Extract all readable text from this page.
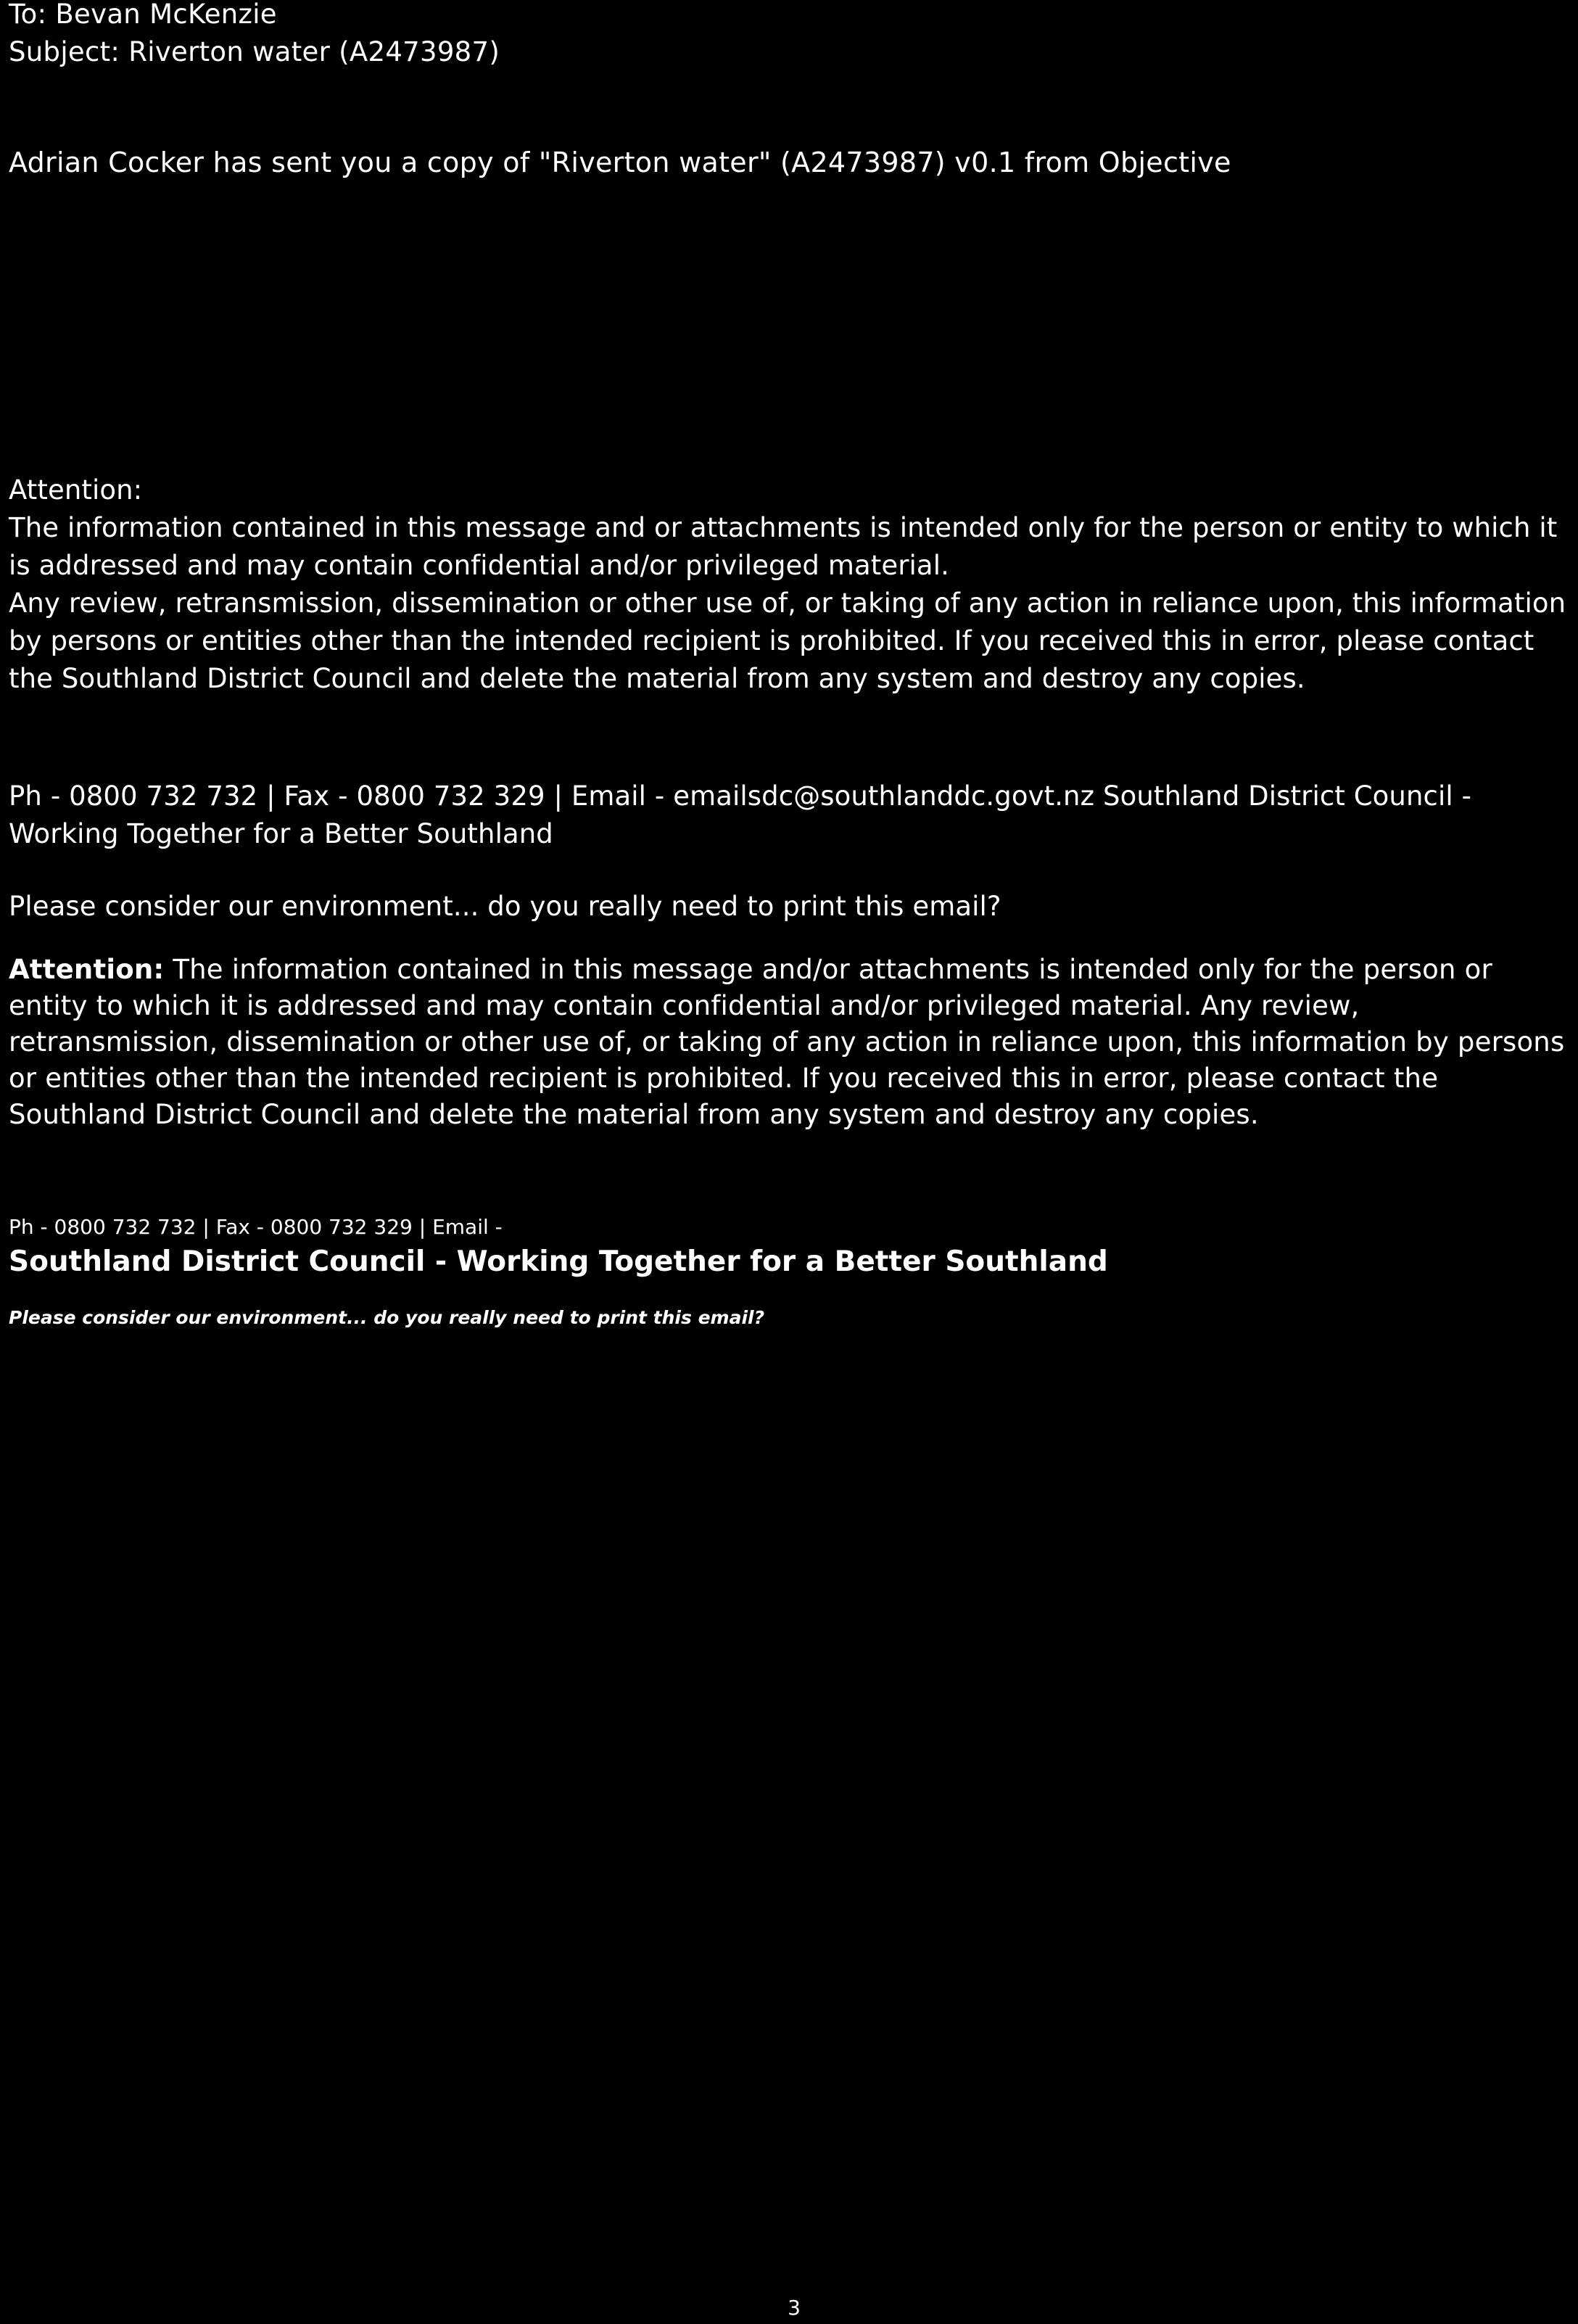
To: Bevan McKenzie
Subject: Riverton water (A2473987)
Adrian Cocker has sent you a copy of "Riverton water" (A2473987) v0.1 from Objective

Attention:

The information contained in this message and or attachments is intended only for the person or entity to which it is addressed and may contain confidential and/or privileged material.

Any review, retransmission, dissemination or other use of, or taking of any action in reliance upon, this information by persons or entities other than the intended recipient is prohibited. If you received this in error, please contact the Southland District Council and delete the material from any system and destroy any copies.

Ph - 0800 732 732 | Fax - 0800 732 329 | Email - emailsdc@southlanddc.govt.nz Southland District Council - Working Together for a Better Southland
Please consider our environment... do you really need to print this email?

Attention: The information contained in this message and/or attachments is intended only for the person or entity to which it is addressed and may contain confidential and/or privileged material. Any review, retransmission, dissemination or other use of, or taking of any action in reliance upon, this information by persons or entities other than the intended recipient is prohibited. If you received this in error, please contact the Southland District Council and delete the material from any system and destroy any copies.

Ph - 0800 732 732 | Fax - 0800 732 329 | Email -
Southland District Council - Working Together for a Better Southland
Please consider our environment... do you really need to print this email?
3
